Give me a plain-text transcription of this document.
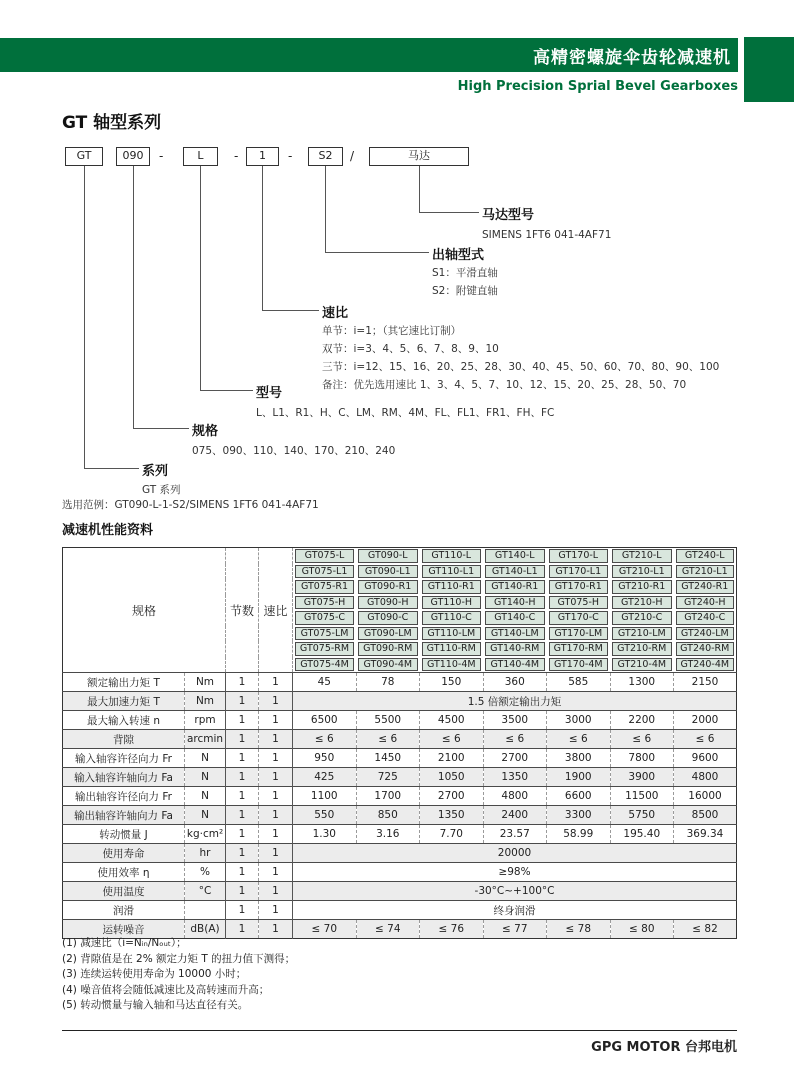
高精密螺旋伞齿轮减速机
High Precision Sprial Bevel Gearboxes
GT 轴型系列
GT	090	-	L	-	1	-	S2	/	马达
马达型号
SIMENS 1FT6 041-4AF71
出轴型式
S1：平滑直轴
S2：附键直轴
速比
单节：i=1；（其它速比订制）
双节：i=3、4、5、6、7、8、9、10
三节：i=12、15、16、20、25、28、30、40、45、50、60、70、80、90、100
备注：优先选用速比 1、3、4、5、7、10、12、15、20、25、28、50、70
型号
L、L1、R1、H、C、LM、RM、4M、FL、FL1、FR1、FH、FC
规格
075、090、110、140、170、210、240
系列
GT 系列
选用范例：GT090-L-1-S2/SIMENS 1FT6 041-4AF71
减速机性能资料
规格		节数	速比	GT075-L	GT090-L	GT110-L	GT140-L	GT170-L	GT210-L	GT240-L

				GT075-L1	GT090-L1	GT110-L1	GT140-L1	GT170-L1	GT210-L1	GT210-L1

				GT075-R1	GT090-R1	GT110-R1	GT140-R1	GT170-R1	GT210-R1	GT240-R1

				GT075-H	GT090-H	GT110-H	GT140-H	GT075-H	GT210-H	GT240-H

				GT075-C	GT090-C	GT110-C	GT140-C	GT170-C	GT210-C	GT240-C

				GT075-LM	GT090-LM	GT110-LM	GT140-LM	GT170-LM	GT210-LM	GT240-LM

				GT075-RM	GT090-RM	GT110-RM	GT140-RM	GT170-RM	GT210-RM	GT240-RM

				GT075-4M	GT090-4M	GT110-4M	GT140-4M	GT170-4M	GT210-4M	GT240-4M

额定输出力矩 T	Nm	1	1	45	78	150	360	585	1300	2150
最大加速力矩 T	Nm	1	1	1.5 倍额定输出力矩						
最大输入转速 n	rpm	1	1	6500	5500	4500	3500	3000	2200	2000
背隙	arcmin	1	1	≤ 6	≤ 6	≤ 6	≤ 6	≤ 6	≤ 6	≤ 6
输入轴容许径向力 Fr	N	1	1	950	1450	2100	2700	3800	7800	9600
输入轴容许轴向力 Fa	N	1	1	425	725	1050	1350	1900	3900	4800
输出轴容许径向力 Fr	N	1	1	1100	1700	2700	4800	6600	11500	16000
输出轴容许轴向力 Fa	N	1	1	550	850	1350	2400	3300	5750	8500
转动惯量 J	kg·cm²	1	1	1.30	3.16	7.70	23.57	58.99	195.40	369.34
使用寿命	hr	1	1	20000						
使用效率 η	%	1	1	≥98%						
使用温度	°C	1	1	-30°C~+100°C						
润滑		1	1	终身润滑						
运转噪音	dB(A)	1	1	≤ 70	≤ 74	≤ 76	≤ 77	≤ 78	≤ 80	≤ 82
(1) 减速比（i=Nᵢₙ/Nₒᵤₜ）；
(2) 背隙值是在 2% 额定力矩 T 的扭力值下测得；
(3) 连续运转使用寿命为 10000 小时；
(4) 噪音值将会随低减速比及高转速而升高；
(5) 转动惯量与输入轴和马达直径有关。
GPG MOTOR 台邦电机
